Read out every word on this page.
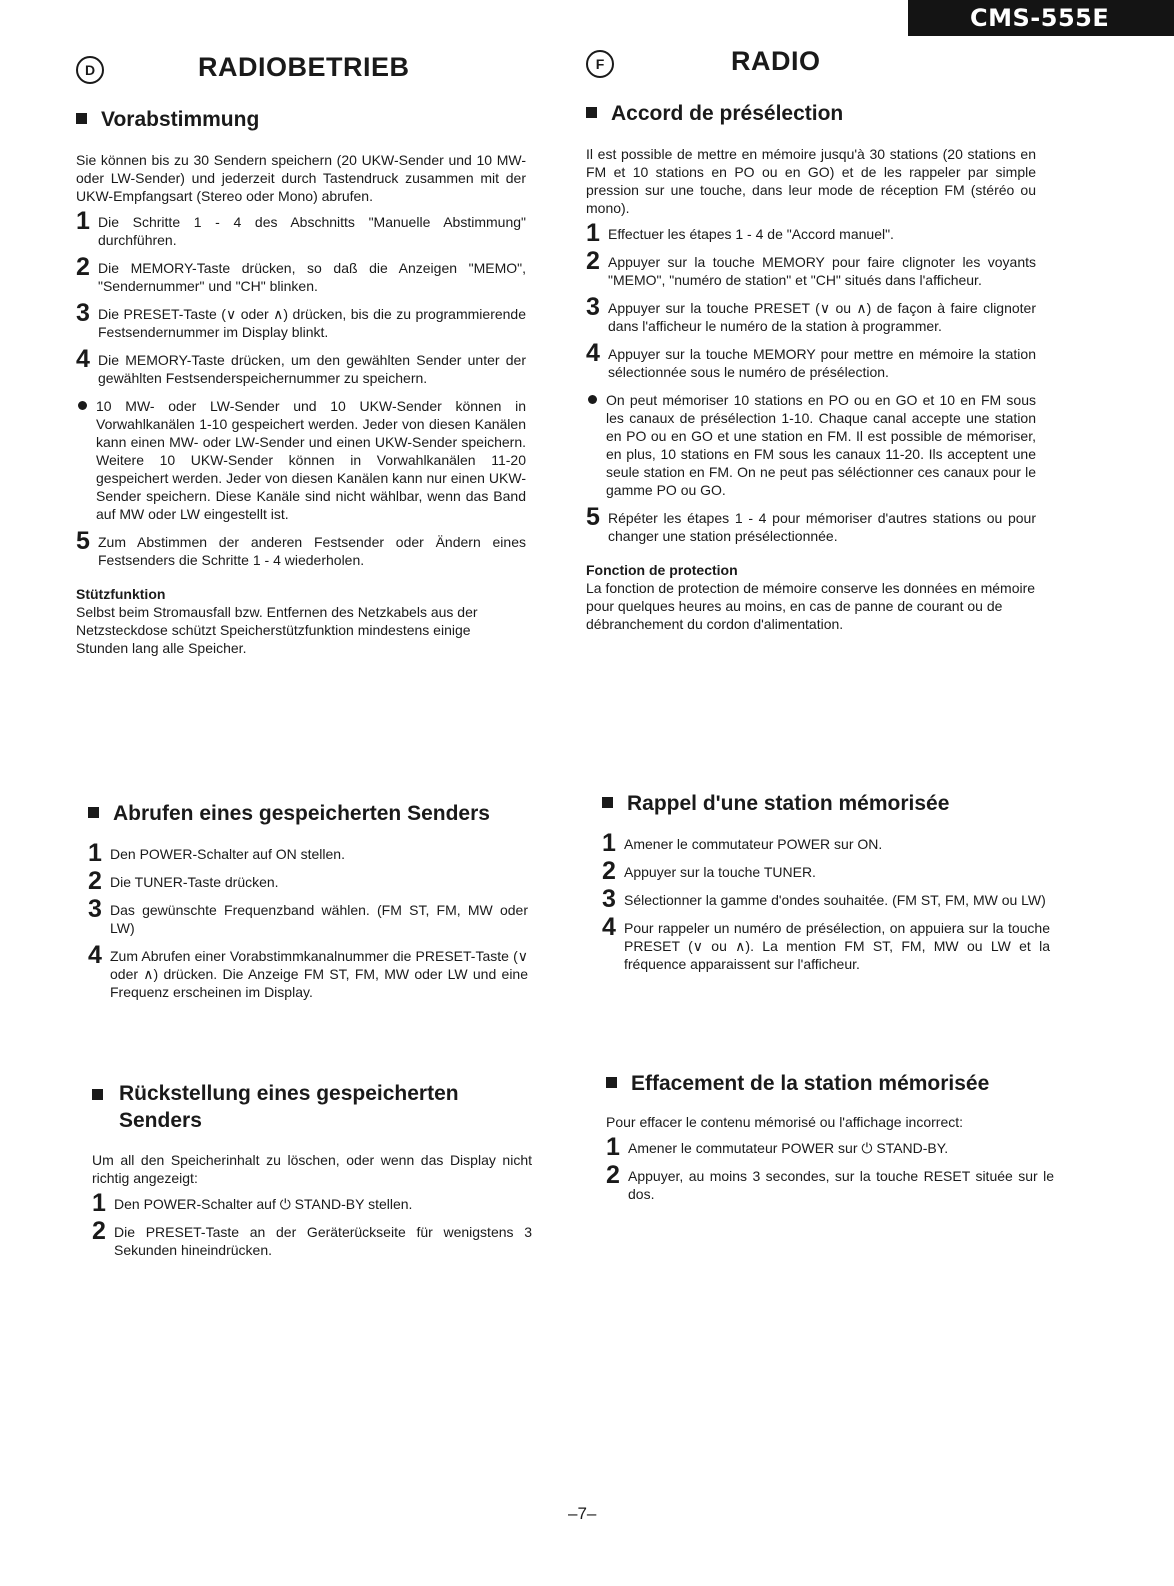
CMS-555E
D	RADIOBETRIEB
Vorabstimmung

Sie können bis zu 30 Sendern speichern (20 UKW-Sender und 10 MW- oder LW-Sender) und jederzeit durch Tastendruck zusammen mit der UKW-Empfangsart (Stereo oder Mono) abrufen.

1 Die Schritte 1 - 4 des Abschnitts "Manuelle Abstimmung" durchführen.
2 Die MEMORY-Taste drücken, so daß die Anzeigen "MEMO", "Sendernummer" und "CH" blinken.
3 Die PRESET-Taste (∨ oder ∧) drücken, bis die zu programmierende Festsendernummer im Display blinkt.
4 Die MEMORY-Taste drücken, um den gewählten Sender unter der gewählten Festsenderspeichernummer zu speichern.
10 MW- oder LW-Sender und 10 UKW-Sender können in Vorwahlkanälen 1-10 gespeichert werden. Jeder von diesen Kanälen kann einen MW- oder LW-Sender und einen UKW-Sender speichern. Weitere 10 UKW-Sender können in Vorwahlkanälen 11-20 gespeichert werden. Jeder von diesen Kanälen kann nur einen UKW-Sender speichern. Diese Kanäle sind nicht wählbar, wenn das Band auf MW oder LW eingestellt ist.
5 Zum Abstimmen der anderen Festsender oder Ändern eines Festsenders die Schritte 1 - 4 wiederholen.
Stützfunktion

Selbst beim Stromausfall bzw. Entfernen des Netzkabels aus der Netzsteckdose schützt Speicherstützfunktion mindestens einige Stunden lang alle Speicher.

F	RADIO
Accord de présélection

Il est possible de mettre en mémoire jusqu'à 30 stations (20 stations en FM et 10 stations en PO ou en GO) et de les rappeler par simple pression sur une touche, dans leur mode de réception FM (stéréo ou mono).

1 Effectuer les étapes 1 - 4 de "Accord manuel".
2 Appuyer sur la touche MEMORY pour faire clignoter les voyants "MEMO", "numéro de station" et "CH" situés dans l'afficheur.
3 Appuyer sur la touche PRESET (∨ ou ∧) de façon à faire clignoter dans l'afficheur le numéro de la station à programmer.
4 Appuyer sur la touche MEMORY pour mettre en mémoire la station sélectionnée sous le numéro de présélection.
On peut mémoriser 10 stations en PO ou en GO et 10 en FM sous les canaux de présélection 1-10. Chaque canal accepte une station en PO ou en GO et une station en FM. Il est possible de mémoriser, en plus, 10 stations en FM sous les canaux 11-20. Ils acceptent une seule station en FM. On ne peut pas séléctionner ces canaux pour le gamme PO ou GO.
5 Répéter les étapes 1 - 4 pour mémoriser d'autres stations ou pour changer une station présélectionnée.
Fonction de protection

La fonction de protection de mémoire conserve les données en mémoire pour quelques heures au moins, en cas de panne de courant ou de débranchement du cordon d'alimentation.

Abrufen eines gespeicherten Senders
1 Den POWER-Schalter auf ON stellen.
2 Die TUNER-Taste drücken.
3 Das gewünschte Frequenzband wählen. (FM ST, FM, MW oder LW)
4 Zum Abrufen einer Vorabstimmkanalnummer die PRESET-Taste (∨ oder ∧) drücken. Die Anzeige FM ST, FM, MW oder LW und eine Frequenz erscheinen im Display.
Rappel d'une station mémorisée
1 Amener le commutateur POWER sur ON.
2 Appuyer sur la touche TUNER.
3 Sélectionner la gamme d'ondes souhaitée. (FM ST, FM, MW ou LW)
4 Pour rappeler un numéro de présélection, on appuiera sur la touche PRESET (∨ ou ∧). La mention FM ST, FM, MW ou LW et la fréquence apparaissent sur l'afficheur.
Rückstellung eines gespeicherten Senders

Um all den Speicherinhalt zu löschen, oder wenn das Display nicht richtig angezeigt:

1 Den POWER-Schalter auf ⏻ STAND-BY stellen.
2 Die PRESET-Taste an der Geräterückseite für wenigstens 3 Sekunden hineindrücken.
Effacement de la station mémorisée

Pour effacer le contenu mémorisé ou l'affichage incorrect:

1 Amener le commutateur POWER sur ⏻ STAND-BY.
2 Appuyer, au moins 3 secondes, sur la touche RESET située sur le dos.
–7–
